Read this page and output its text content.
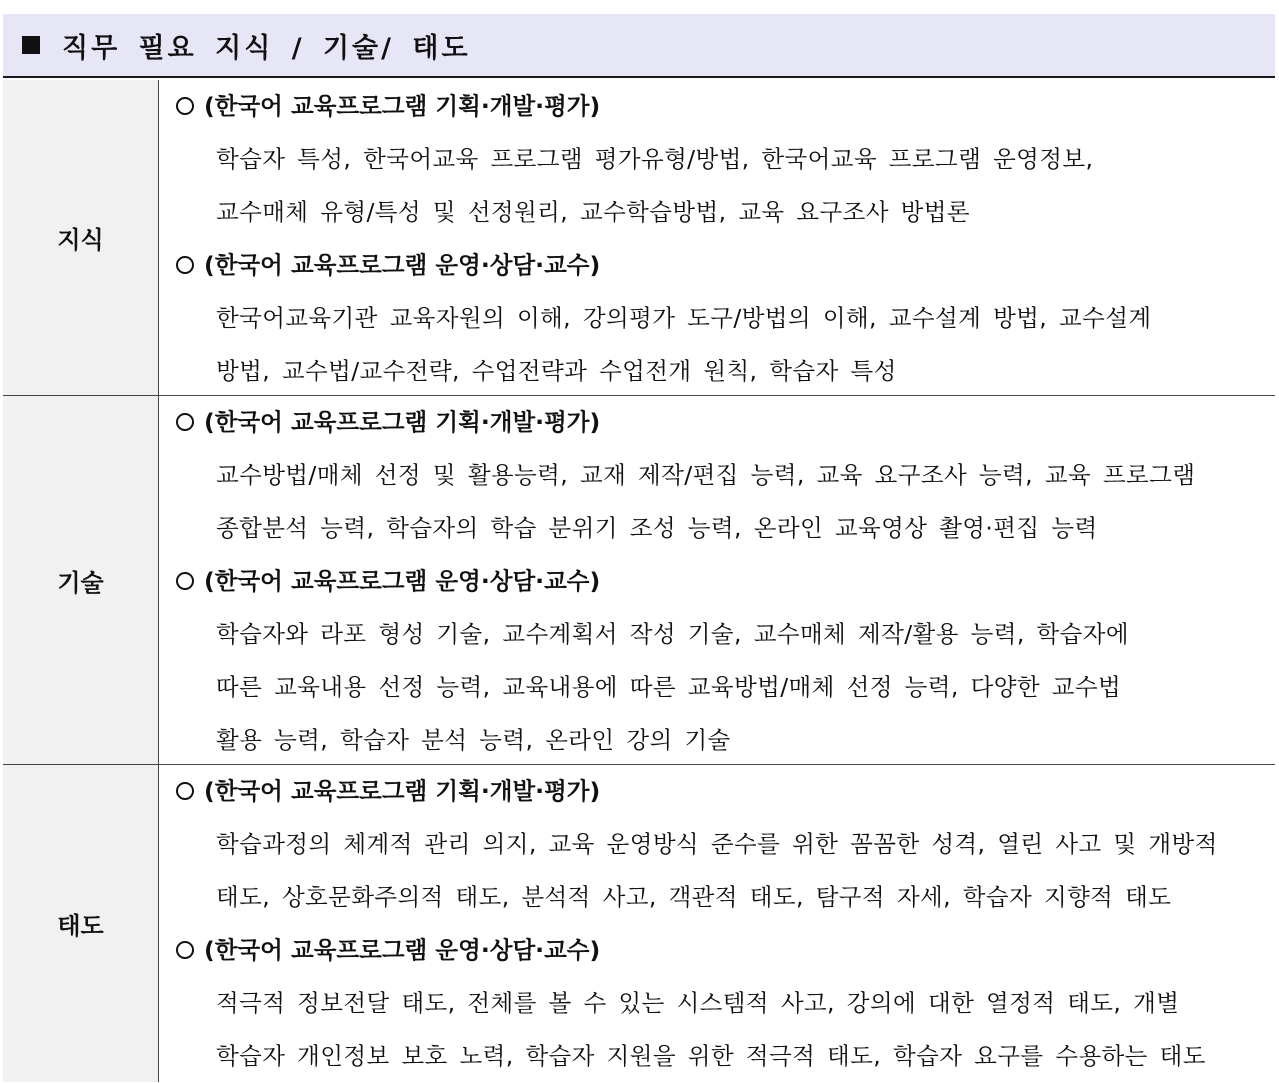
직무 필요 지식 / 기술/ 태도
지식
(한국어 교육프로그램 기획·개발·평가)
학습자 특성, 한국어교육 프로그램 평가유형/방법, 한국어교육 프로그램 운영정보,
교수매체 유형/특성 및 선정원리, 교수학습방법, 교육 요구조사 방법론
(한국어 교육프로그램 운영·상담·교수)
한국어교육기관 교육자원의 이해, 강의평가 도구/방법의 이해, 교수설계 방법, 교수설계
방법, 교수법/교수전략, 수업전략과 수업전개 원칙, 학습자 특성
기술
(한국어 교육프로그램 기획·개발·평가)
교수방법/매체 선정 및 활용능력, 교재 제작/편집 능력, 교육 요구조사 능력, 교육 프로그램
종합분석 능력, 학습자의 학습 분위기 조성 능력, 온라인 교육영상 촬영·편집 능력
(한국어 교육프로그램 운영·상담·교수)
학습자와 라포 형성 기술, 교수계획서 작성 기술, 교수매체 제작/활용 능력, 학습자에
따른 교육내용 선정 능력, 교육내용에 따른 교육방법/매체 선정 능력, 다양한 교수법
활용 능력, 학습자 분석 능력, 온라인 강의 기술
태도
(한국어 교육프로그램 기획·개발·평가)
학습과정의 체계적 관리 의지, 교육 운영방식 준수를 위한 꼼꼼한 성격, 열린 사고 및 개방적
태도, 상호문화주의적 태도, 분석적 사고, 객관적 태도, 탐구적 자세, 학습자 지향적 태도
(한국어 교육프로그램 운영·상담·교수)
적극적 정보전달 태도, 전체를 볼 수 있는 시스템적 사고, 강의에 대한 열정적 태도, 개별
학습자 개인정보 보호 노력, 학습자 지원을 위한 적극적 태도, 학습자 요구를 수용하는 태도
